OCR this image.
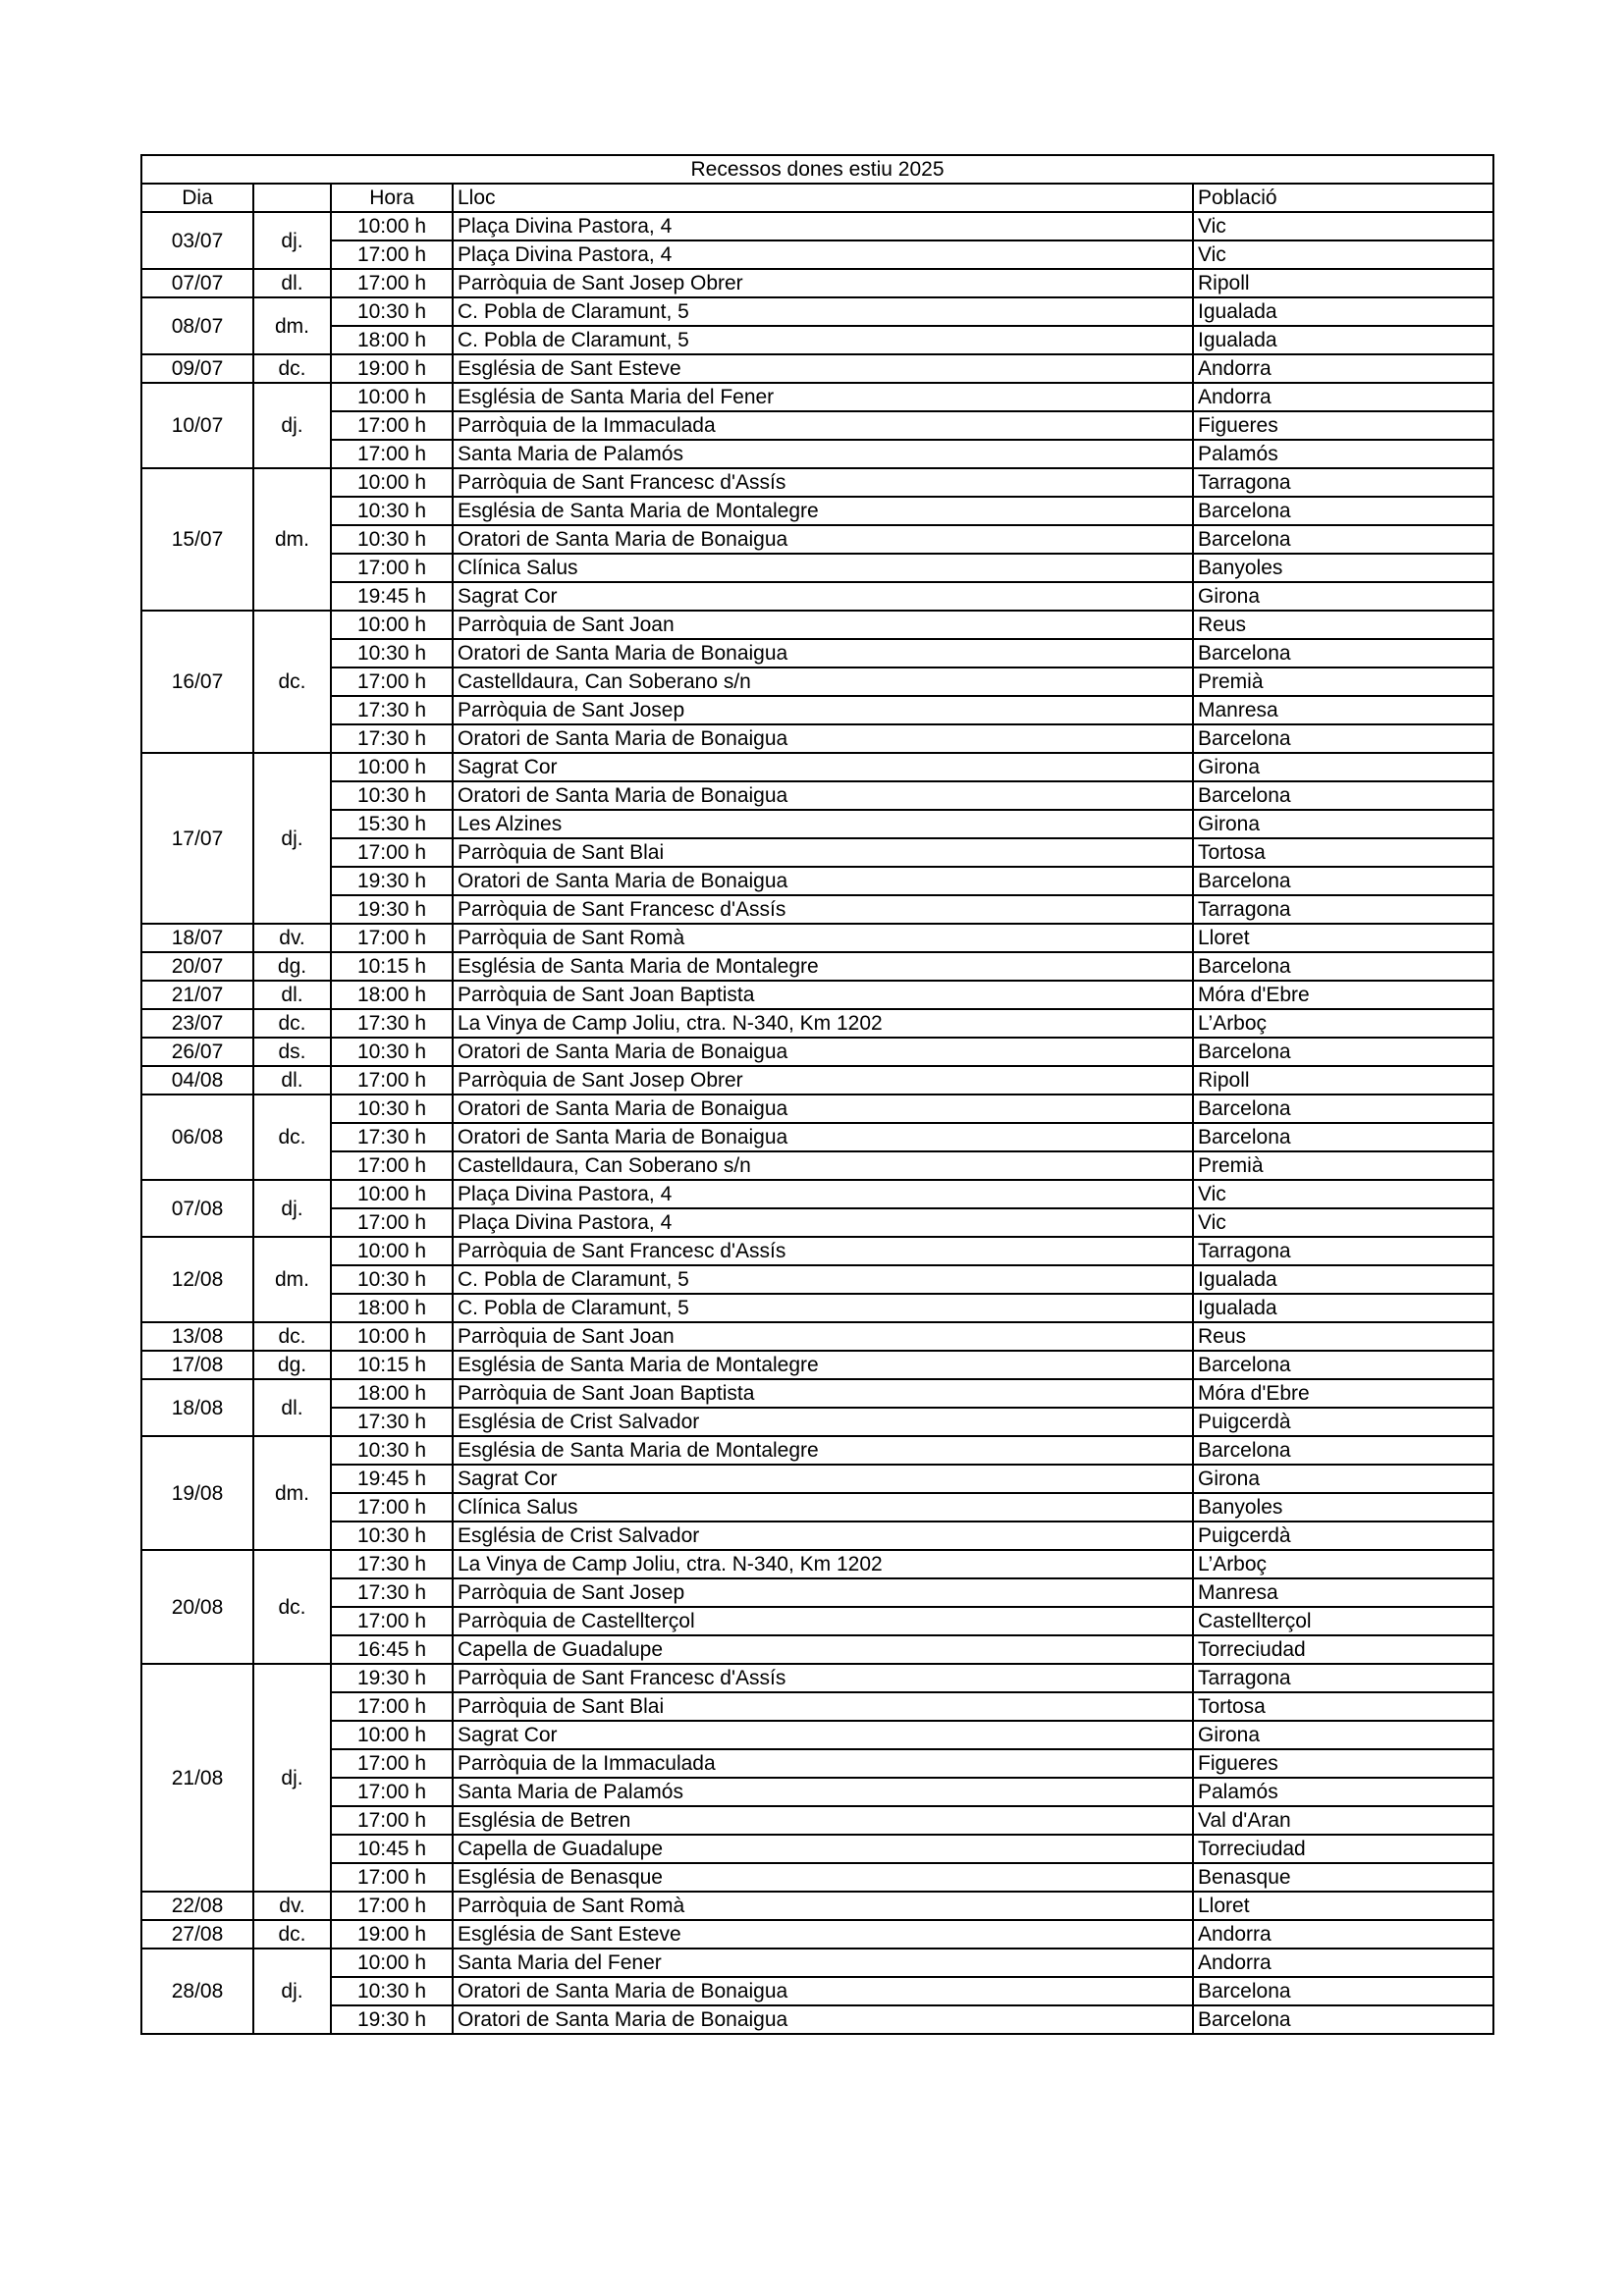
Recessos dones estiu 2025				
Dia		Hora	Lloc	Població
03/07	dj.	10:00 h	Plaça Divina Pastora, 4	Vic
		17:00 h	Plaça Divina Pastora, 4	Vic
07/07	dl.	17:00 h	Parròquia de Sant Josep Obrer	Ripoll
08/07	dm.	10:30 h	C. Pobla de Claramunt, 5	Igualada
		18:00 h	C. Pobla de Claramunt, 5	Igualada
09/07	dc.	19:00 h	Església de Sant Esteve	Andorra
10/07	dj.	10:00 h	Església de Santa Maria del Fener	Andorra
		17:00 h	Parròquia de la Immaculada	Figueres
		17:00 h	Santa Maria de Palamós	Palamós
15/07	dm.	10:00 h	Parròquia de Sant Francesc d'Assís	Tarragona
		10:30 h	Església de Santa Maria de Montalegre	Barcelona
		10:30 h	Oratori de Santa Maria de Bonaigua	Barcelona
		17:00 h	Clínica Salus	Banyoles
		19:45 h	Sagrat Cor	Girona
16/07	dc.	10:00 h	Parròquia de Sant Joan	Reus
		10:30 h	Oratori de Santa Maria de Bonaigua	Barcelona
		17:00 h	Castelldaura, Can Soberano s/n	Premià
		17:30 h	Parròquia de Sant Josep	Manresa
		17:30 h	Oratori de Santa Maria de Bonaigua	Barcelona
17/07	dj.	10:00 h	Sagrat Cor	Girona
		10:30 h	Oratori de Santa Maria de Bonaigua	Barcelona
		15:30 h	Les Alzines	Girona
		17:00 h	Parròquia de Sant Blai	Tortosa
		19:30 h	Oratori de Santa Maria de Bonaigua	Barcelona
		19:30 h	Parròquia de Sant Francesc d'Assís	Tarragona
18/07	dv.	17:00 h	Parròquia de Sant Romà	Lloret
20/07	dg.	10:15 h	Església de Santa Maria de Montalegre	Barcelona
21/07	dl.	18:00 h	Parròquia de Sant Joan Baptista	Móra d'Ebre
23/07	dc.	17:30 h	La Vinya de Camp Joliu, ctra. N-340, Km 1202	L’Arboç
26/07	ds.	10:30 h	Oratori de Santa Maria de Bonaigua	Barcelona
04/08	dl.	17:00 h	Parròquia de Sant Josep Obrer	Ripoll
06/08	dc.	10:30 h	Oratori de Santa Maria de Bonaigua	Barcelona
		17:30 h	Oratori de Santa Maria de Bonaigua	Barcelona
		17:00 h	Castelldaura, Can Soberano s/n	Premià
07/08	dj.	10:00 h	Plaça Divina Pastora, 4	Vic
		17:00 h	Plaça Divina Pastora, 4	Vic
12/08	dm.	10:00 h	Parròquia de Sant Francesc d'Assís	Tarragona
		10:30 h	C. Pobla de Claramunt, 5	Igualada
		18:00 h	C. Pobla de Claramunt, 5	Igualada
13/08	dc.	10:00 h	Parròquia de Sant Joan	Reus
17/08	dg.	10:15 h	Església de Santa Maria de Montalegre	Barcelona
18/08	dl.	18:00 h	Parròquia de Sant Joan Baptista	Móra d'Ebre
		17:30 h	Església de Crist Salvador	Puigcerdà
19/08	dm.	10:30 h	Església de Santa Maria de Montalegre	Barcelona
		19:45 h	Sagrat Cor	Girona
		17:00 h	Clínica Salus	Banyoles
		10:30 h	Església de Crist Salvador	Puigcerdà
20/08	dc.	17:30 h	La Vinya de Camp Joliu, ctra. N-340, Km 1202	L’Arboç
		17:30 h	Parròquia de Sant Josep	Manresa
		17:00 h	Parròquia de Castellterçol	Castellterçol
		16:45 h	Capella de Guadalupe	Torreciudad
21/08	dj.	19:30 h	Parròquia de Sant Francesc d'Assís	Tarragona
		17:00 h	Parròquia de Sant Blai	Tortosa
		10:00 h	Sagrat Cor	Girona
		17:00 h	Parròquia de la Immaculada	Figueres
		17:00 h	Santa Maria de Palamós	Palamós
		17:00 h	Església de Betren	Val d'Aran
		10:45 h	Capella de Guadalupe	Torreciudad
		17:00 h	Església de Benasque	Benasque
22/08	dv.	17:00 h	Parròquia de Sant Romà	Lloret
27/08	dc.	19:00 h	Església de Sant Esteve	Andorra
28/08	dj.	10:00 h	Santa Maria del Fener	Andorra
		10:30 h	Oratori de Santa Maria de Bonaigua	Barcelona
		19:30 h	Oratori de Santa Maria de Bonaigua	Barcelona
